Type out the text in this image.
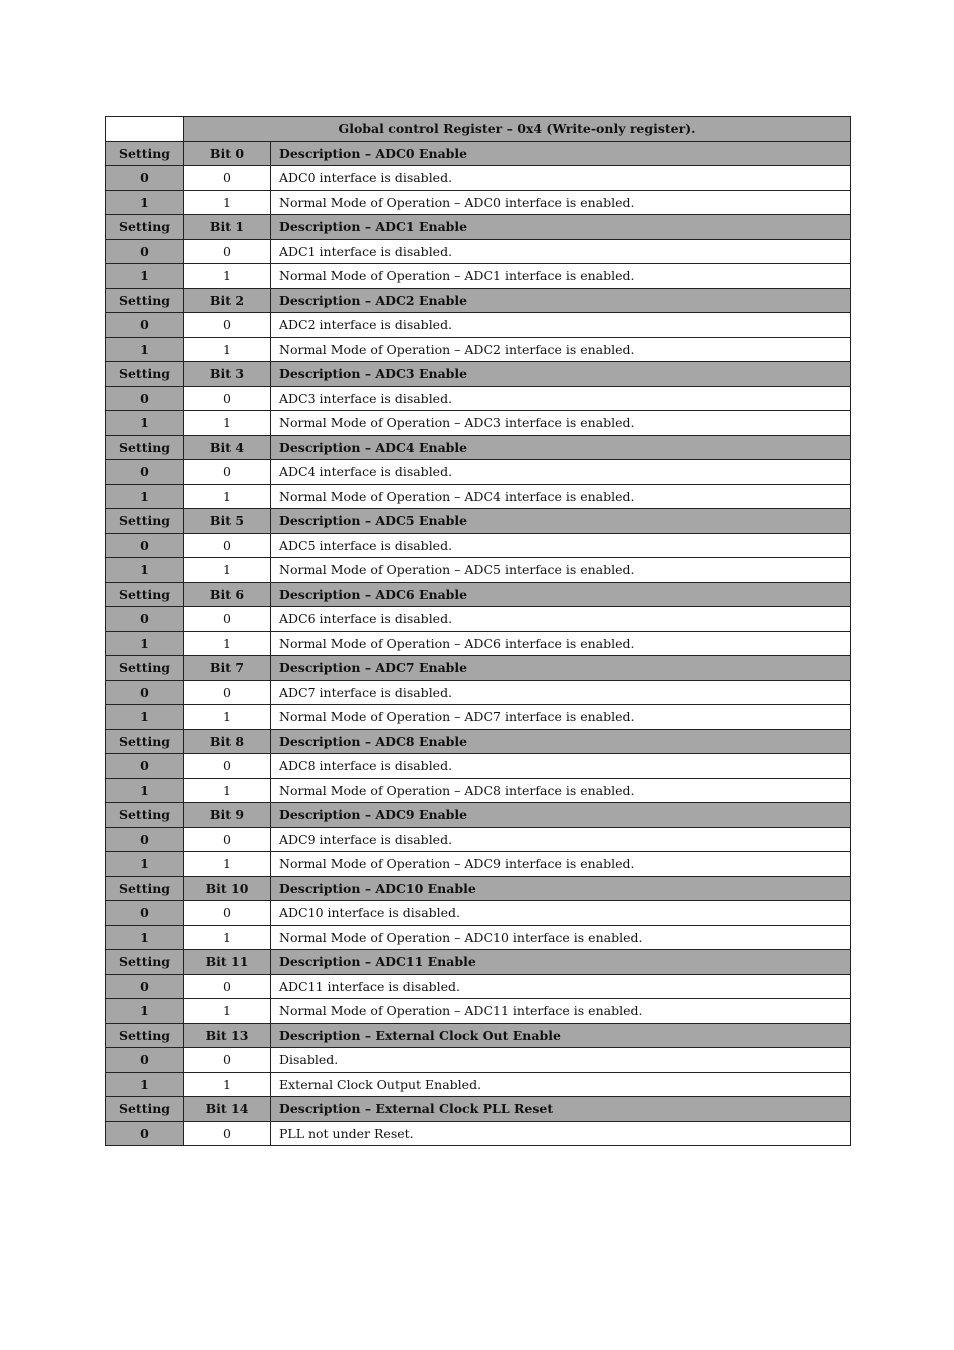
	Global control Register – 0x4 (Write-only register).	
Setting	Bit 0	Description – ADC0 Enable
0	0	ADC0 interface is disabled.
1	1	Normal Mode of Operation – ADC0 interface is enabled.
Setting	Bit 1	Description – ADC1 Enable
0	0	ADC1 interface is disabled.
1	1	Normal Mode of Operation – ADC1 interface is enabled.
Setting	Bit 2	Description – ADC2 Enable
0	0	ADC2 interface is disabled.
1	1	Normal Mode of Operation – ADC2 interface is enabled.
Setting	Bit 3	Description – ADC3 Enable
0	0	ADC3 interface is disabled.
1	1	Normal Mode of Operation – ADC3 interface is enabled.
Setting	Bit 4	Description – ADC4 Enable
0	0	ADC4 interface is disabled.
1	1	Normal Mode of Operation – ADC4 interface is enabled.
Setting	Bit 5	Description – ADC5 Enable
0	0	ADC5 interface is disabled.
1	1	Normal Mode of Operation – ADC5 interface is enabled.
Setting	Bit 6	Description – ADC6 Enable
0	0	ADC6 interface is disabled.
1	1	Normal Mode of Operation – ADC6 interface is enabled.
Setting	Bit 7	Description – ADC7 Enable
0	0	ADC7 interface is disabled.
1	1	Normal Mode of Operation – ADC7 interface is enabled.
Setting	Bit 8	Description – ADC8 Enable
0	0	ADC8 interface is disabled.
1	1	Normal Mode of Operation – ADC8 interface is enabled.
Setting	Bit 9	Description – ADC9 Enable
0	0	ADC9 interface is disabled.
1	1	Normal Mode of Operation – ADC9 interface is enabled.
Setting	Bit 10	Description – ADC10 Enable
0	0	ADC10 interface is disabled.
1	1	Normal Mode of Operation – ADC10 interface is enabled.
Setting	Bit 11	Description – ADC11 Enable
0	0	ADC11 interface is disabled.
1	1	Normal Mode of Operation – ADC11 interface is enabled.
Setting	Bit 13	Description – External Clock Out Enable
0	0	Disabled.
1	1	External Clock Output Enabled.
Setting	Bit 14	Description – External Clock PLL Reset
0	0	PLL not under Reset.
